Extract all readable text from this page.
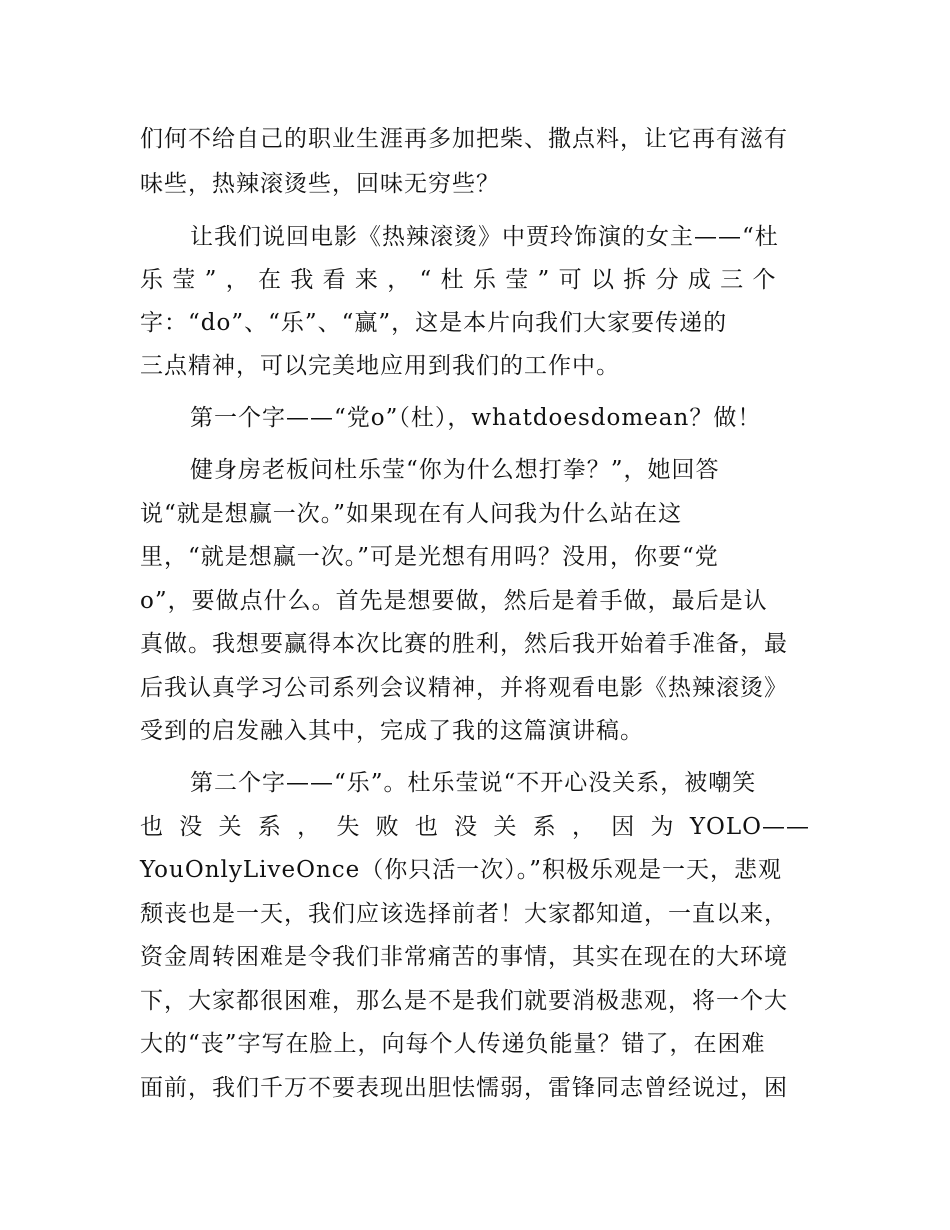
们何不给自己的职业生涯再多加把柴、撒点料，让它再有滋有
味些，热辣滚烫些，回味无穷些？
让我们说回电影《热辣滚烫》中贾玲饰演的女主——“杜
乐 莹 ” ， 在 我 看 来 ， “ 杜 乐 莹 ” 可 以 拆 分 成 三 个
字：“do”、“乐”、“赢”，这是本片向我们大家要传递的
三点精神，可以完美地应用到我们的工作中。
第一个字——“党o”（杜），whatdoesdomean？做！
健身房老板问杜乐莹“你为什么想打拳？”，她回答
说“就是想赢一次。”如果现在有人问我为什么站在这
里，“就是想赢一次。”可是光想有用吗？没用，你要“党
o”，要做点什么。首先是想要做，然后是着手做，最后是认
真做。我想要赢得本次比赛的胜利，然后我开始着手准备，最
后我认真学习公司系列会议精神，并将观看电影《热辣滚烫》
受到的启发融入其中，完成了我的这篇演讲稿。
第二个字——“乐”。杜乐莹说“不开心没关系，被嘲笑
也 没 关 系 ， 失 败 也 没 关 系 ， 因 为 YOLO——
YouOnlyLiveOnce（你只活一次）。”积极乐观是一天，悲观
颓丧也是一天，我们应该选择前者！大家都知道，一直以来，
资金周转困难是令我们非常痛苦的事情，其实在现在的大环境
下，大家都很困难，那么是不是我们就要消极悲观，将一个大
大的“丧”字写在脸上，向每个人传递负能量？错了，在困难
面前，我们千万不要表现出胆怯懦弱，雷锋同志曾经说过，困
